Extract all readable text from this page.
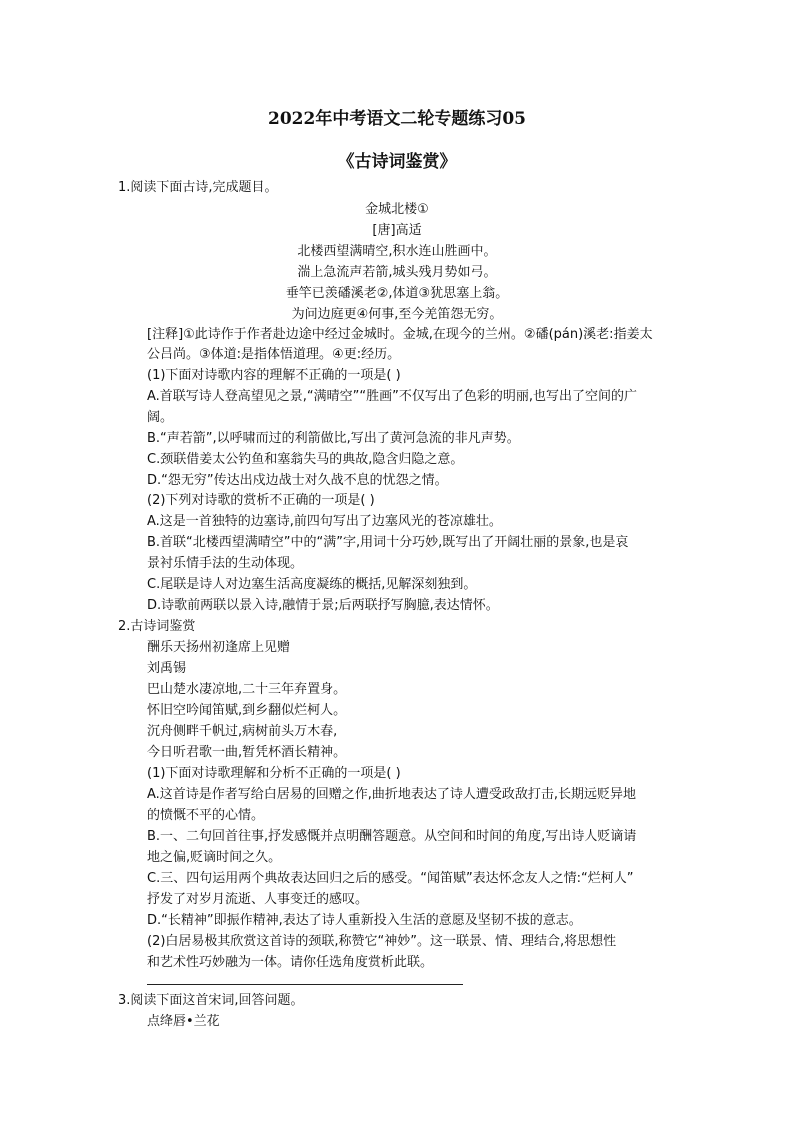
2022年中考语文二轮专题练习05
《古诗词鉴赏》
1.阅读下面古诗,完成题目。
金城北楼①
[唐]高适
北楼西望满晴空,积水连山胜画中。
湍上急流声若箭,城头残月势如弓。
垂竿已羡磻溪老②,体道③犹思塞上翁。
为问边庭更④何事,至今羌笛怨无穷。
[注释]①此诗作于作者赴边途中经过金城时。金城,在现今的兰州。②磻(pán)溪老:指姜太
公吕尚。③体道:是指体悟道理。④更:经历。
(1)下面对诗歌内容的理解不正确的一项是( )
A.首联写诗人登高望见之景,“满晴空”“胜画”不仅写出了色彩的明丽,也写出了空间的广
阔。
B.“声若箭”,以呼啸而过的利箭做比,写出了黄河急流的非凡声势。
C.颈联借姜太公钓鱼和塞翁失马的典故,隐含归隐之意。
D.“怨无穷”传达出戍边战士对久战不息的忧怨之情。
(2)下列对诗歌的赏析不正确的一项是( )
A.这是一首独特的边塞诗,前四句写出了边塞风光的苍凉雄壮。
B.首联“北楼西望满晴空”中的“满”字,用词十分巧妙,既写出了开阔壮丽的景象,也是哀
景衬乐情手法的生动体现。
C.尾联是诗人对边塞生活高度凝练的概括,见解深刻独到。
D.诗歌前两联以景入诗,融情于景;后两联抒写胸臆,表达情怀。
2.古诗词鉴赏
酬乐天扬州初逢席上见赠
刘禹锡
巴山楚水凄凉地,二十三年弃置身。
怀旧空吟闻笛赋,到乡翻似烂柯人。
沉舟侧畔千帆过,病树前头万木春,
今日听君歌一曲,暂凭杯酒长精神。
(1)下面对诗歌理解和分析不正确的一项是( )
A.这首诗是作者写给白居易的回赠之作,曲折地表达了诗人遭受政敌打击,长期远贬异地
的愤慨不平的心情。
B.一、二句回首往事,抒发感慨并点明酬答题意。从空间和时间的角度,写出诗人贬谪请
地之偏,贬谪时间之久。
C.三、四句运用两个典故表达回归之后的感受。“闻笛赋”表达怀念友人之情:“烂柯人”
抒发了对岁月流逝、人事变迁的感叹。
D.“长精神”即振作精神,表达了诗人重新投入生活的意愿及坚韧不拔的意志。
(2)白居易极其欣赏这首诗的颈联,称赞它“神妙”。这一联景、情、理结合,将思想性
和艺术性巧妙融为一体。请你任选角度赏析此联。
3.阅读下面这首宋词,回答问题。
点绛唇•兰花
